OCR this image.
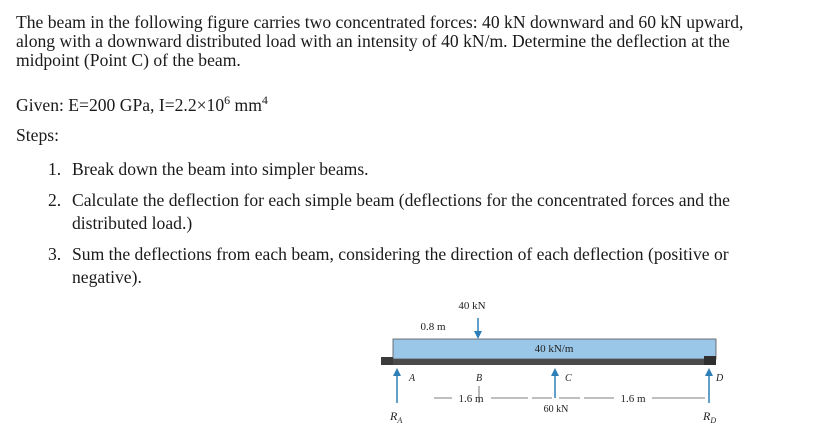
The beam in the following figure carries two concentrated forces: 40 kN downward and 60 kN upward, along with a downward distributed load with an intensity of 40 kN/m. Determine the deflection at the midpoint (Point C) of the beam.
Given: E=200 GPa, $I=2.2\times 10^6$ $mm^4$
Steps:
1. Break down the beam into simpler beams.
2. Calculate the deflection for each simple beam (deflections for the concentrated forces and the distributed load.)
3. Sum the deflections from each beam, considering the direction of each deflection (positive or negative).
40 kN
0.8 m
40 kN/m
A
$R_A$
B	C
60 kN
D
$R_D$
1.6 m	1.6 m
